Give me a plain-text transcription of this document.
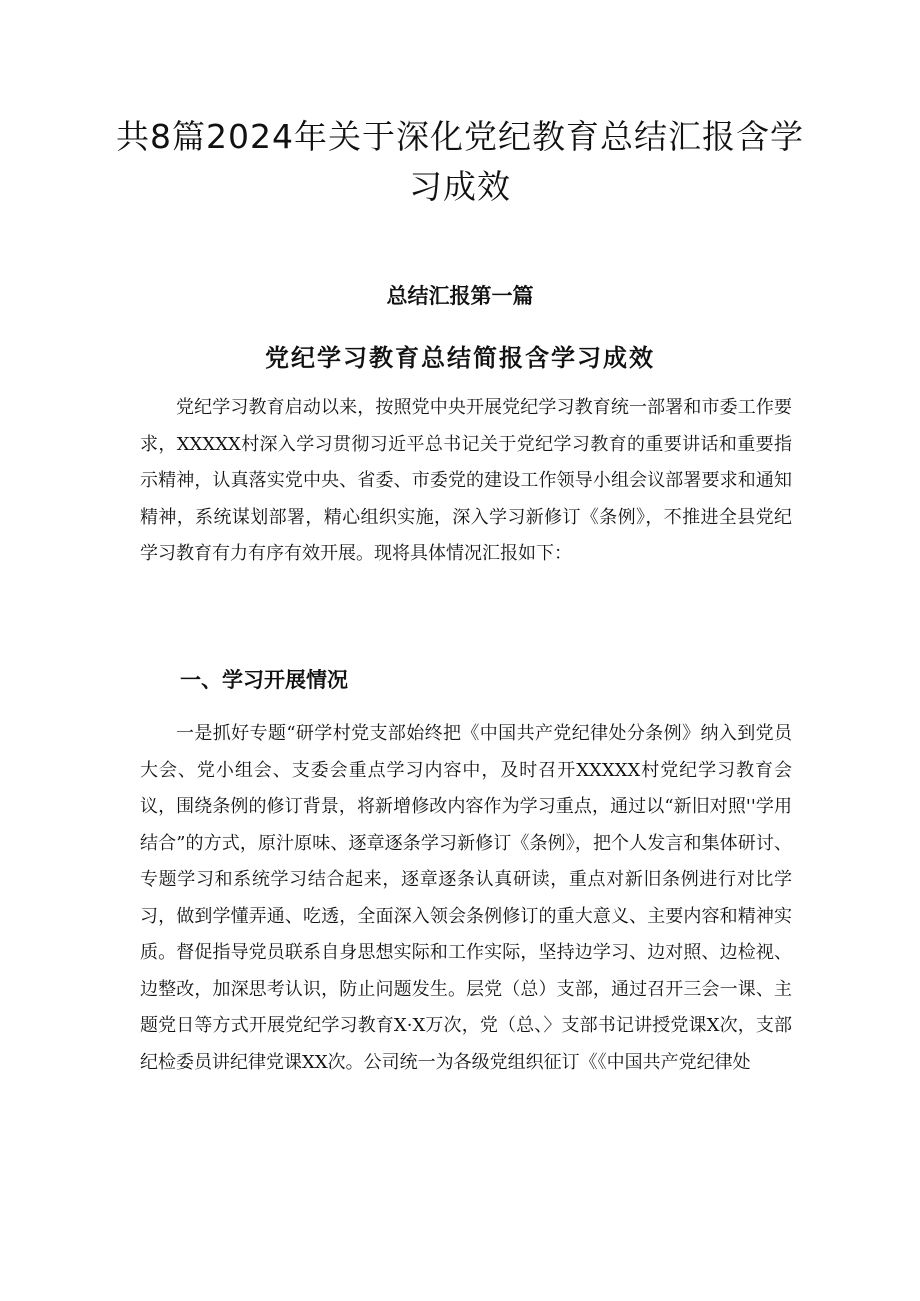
共8篇2024年关于深化党纪教育总结汇报含学习成效
总结汇报第一篇
党纪学习教育总结简报含学习成效

党纪学习教育启动以来，按照党中央开展党纪学习教育统一部署和市委工作要求，XXXXX村深入学习贯彻习近平总书记关于党纪学习教育的重要讲话和重要指示精神，认真落实党中央、省委、市委党的建设工作领导小组会议部署要求和通知精神，系统谋划部署，精心组织实施，深入学习新修订《条例》，不推进全县党纪学习教育有力有序有效开展。现将具体情况汇报如下：

一、学习开展情况

一是抓好专题“研学村党支部始终把《中国共产党纪律处分条例》纳入到党员大会、党小组会、支委会重点学习内容中，及时召开XXXXX村党纪学习教育会议，围绕条例的修订背景，将新增修改内容作为学习重点，通过以“新旧对照''学用结合”的方式，原汁原味、逐章逐条学习新修订《条例》，把个人发言和集体研讨、专题学习和系统学习结合起来，逐章逐条认真研读，重点对新旧条例进行对比学习，做到学懂弄通、吃透，全面深入领会条例修订的重大意义、主要内容和精神实质。督促指导党员联系自身思想实际和工作实际，坚持边学习、边对照、边检视、边整改，加深思考认识，防止问题发生。层党（总）支部，通过召开三会一课、主题党日等方式开展党纪学习教育X·X万次，党（总、〉支部书记讲授党课X次，支部纪检委员讲纪律党课XX次。公司统一为各级党组织征订《《中国共产党纪律处
